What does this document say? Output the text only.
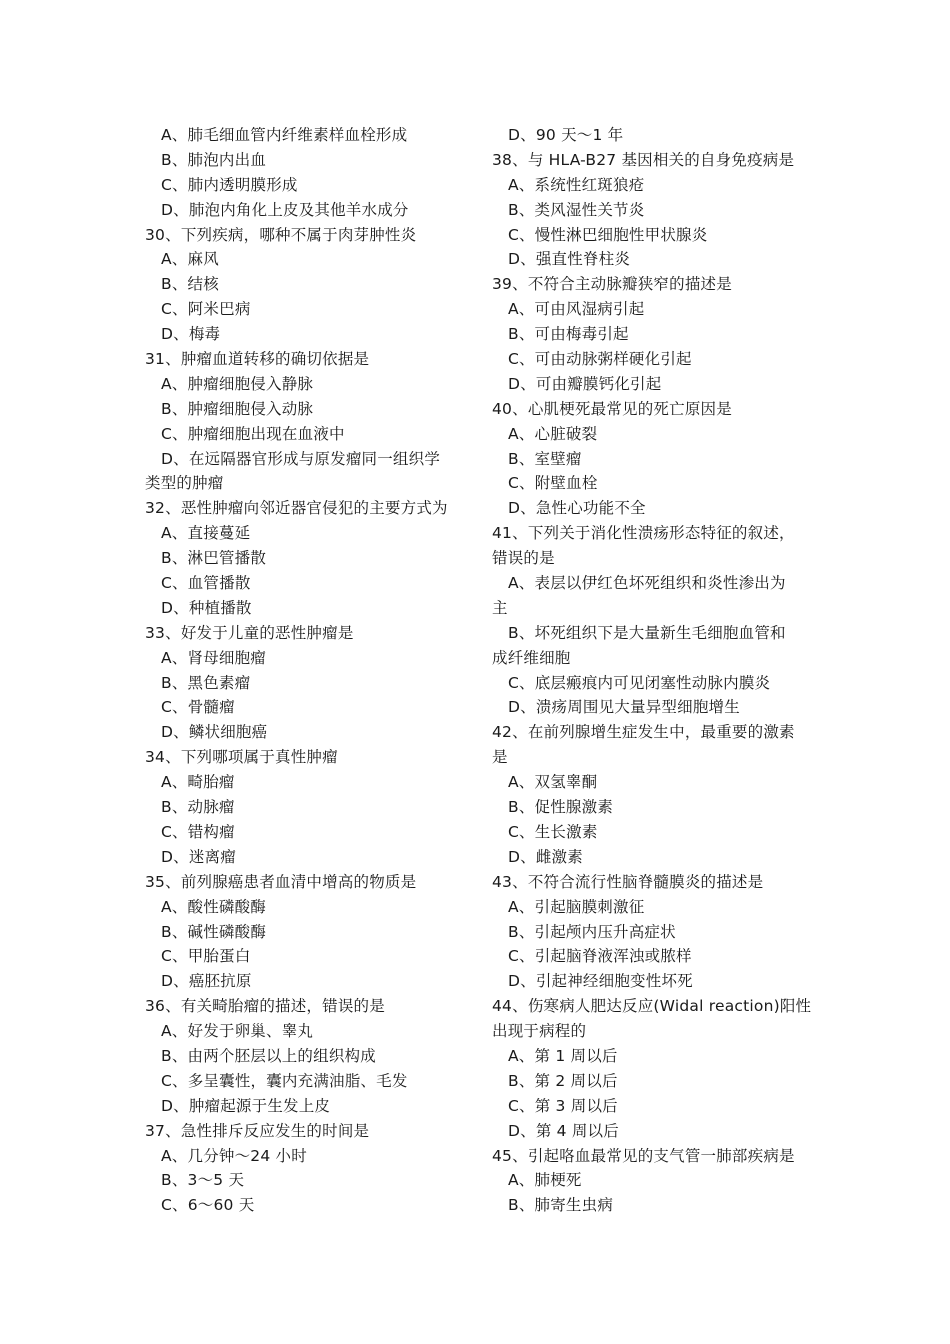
A、肺毛细血管内纤维素样血栓形成
B、肺泡内出血
C、肺内透明膜形成
D、肺泡内角化上皮及其他羊水成分
30、下列疾病，哪种不属于肉芽肿性炎
A、麻风
B、结核
C、阿米巴病
D、梅毒
31、肿瘤血道转移的确切依据是
A、肿瘤细胞侵入静脉
B、肿瘤细胞侵入动脉
C、肿瘤细胞出现在血液中
D、在远隔器官形成与原发瘤同一组织学
类型的肿瘤
32、恶性肿瘤向邻近器官侵犯的主要方式为
A、直接蔓延
B、淋巴管播散
C、血管播散
D、种植播散
33、好发于儿童的恶性肿瘤是
A、肾母细胞瘤
B、黑色素瘤
C、骨髓瘤
D、鳞状细胞癌
34、下列哪项属于真性肿瘤
A、畸胎瘤
B、动脉瘤
C、错构瘤
D、迷离瘤
35、前列腺癌患者血清中增高的物质是
A、酸性磷酸酶
B、碱性磷酸酶
C、甲胎蛋白
D、癌胚抗原
36、有关畸胎瘤的描述，错误的是
A、好发于卵巢、睾丸
B、由两个胚层以上的组织构成
C、多呈囊性，囊内充满油脂、毛发
D、肿瘤起源于生发上皮
37、急性排斥反应发生的时间是
A、几分钟～24 小时
B、3～5 天
C、6～60 天
D、90 天～1 年
38、与 HLA-B27 基因相关的自身免疫病是
A、系统性红斑狼疮
B、类风湿性关节炎
C、慢性淋巴细胞性甲状腺炎
D、强直性脊柱炎
39、不符合主动脉瓣狭窄的描述是
A、可由风湿病引起
B、可由梅毒引起
C、可由动脉粥样硬化引起
D、可由瓣膜钙化引起
40、心肌梗死最常见的死亡原因是
A、心脏破裂
B、室壁瘤
C、附壁血栓
D、急性心功能不全
41、下列关于消化性溃疡形态特征的叙述，
错误的是
A、表层以伊红色坏死组织和炎性渗出为
主
B、坏死组织下是大量新生毛细胞血管和
成纤维细胞
C、底层瘢痕内可见闭塞性动脉内膜炎
D、溃疡周围见大量异型细胞增生
42、在前列腺增生症发生中，最重要的激素
是
A、双氢睾酮
B、促性腺激素
C、生长激素
D、雌激素
43、不符合流行性脑脊髓膜炎的描述是
A、引起脑膜刺激征
B、引起颅内压升高症状
C、引起脑脊液浑浊或脓样
D、引起神经细胞变性坏死
44、伤寒病人肥达反应(Widal reaction)阳性
出现于病程的
A、第 1 周以后
B、第 2 周以后
C、第 3 周以后
D、第 4 周以后
45、引起咯血最常见的支气管一肺部疾病是
A、肺梗死
B、肺寄生虫病
